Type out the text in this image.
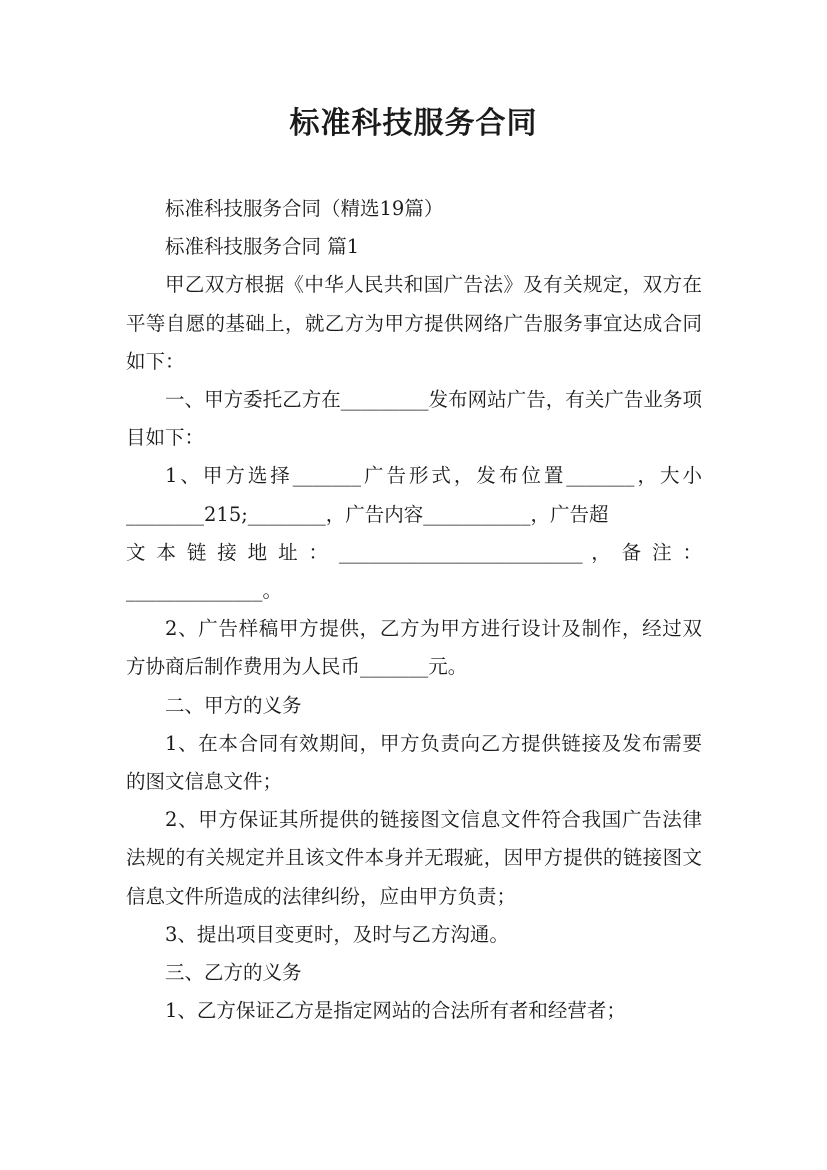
标准科技服务合同

标准科技服务合同（精选19篇）

标准科技服务合同 篇1

甲乙双方根据《中华人民共和国广告法》及有关规定，双方在平等自愿的基础上，就乙方为甲方提供网络广告服务事宜达成合同如下：

一、甲方委托乙方在_________发布网站广告，有关广告业务项目如下：

1、甲方选择_______广告形式，发布位置_______，大小________215;________，广告内容___________，广告超

文 本 链 接 地 址 ： _________________________ ， 备 注 ：

______________。

2、广告样稿甲方提供，乙方为甲方进行设计及制作，经过双方协商后制作费用为人民币_______元。

二、甲方的义务

1、在本合同有效期间，甲方负责向乙方提供链接及发布需要的图文信息文件；

2、甲方保证其所提供的链接图文信息文件符合我国广告法律法规的有关规定并且该文件本身并无瑕疵，因甲方提供的链接图文信息文件所造成的法律纠纷，应由甲方负责；

3、提出项目变更时，及时与乙方沟通。

三、乙方的义务

1、乙方保证乙方是指定网站的合法所有者和经营者；
